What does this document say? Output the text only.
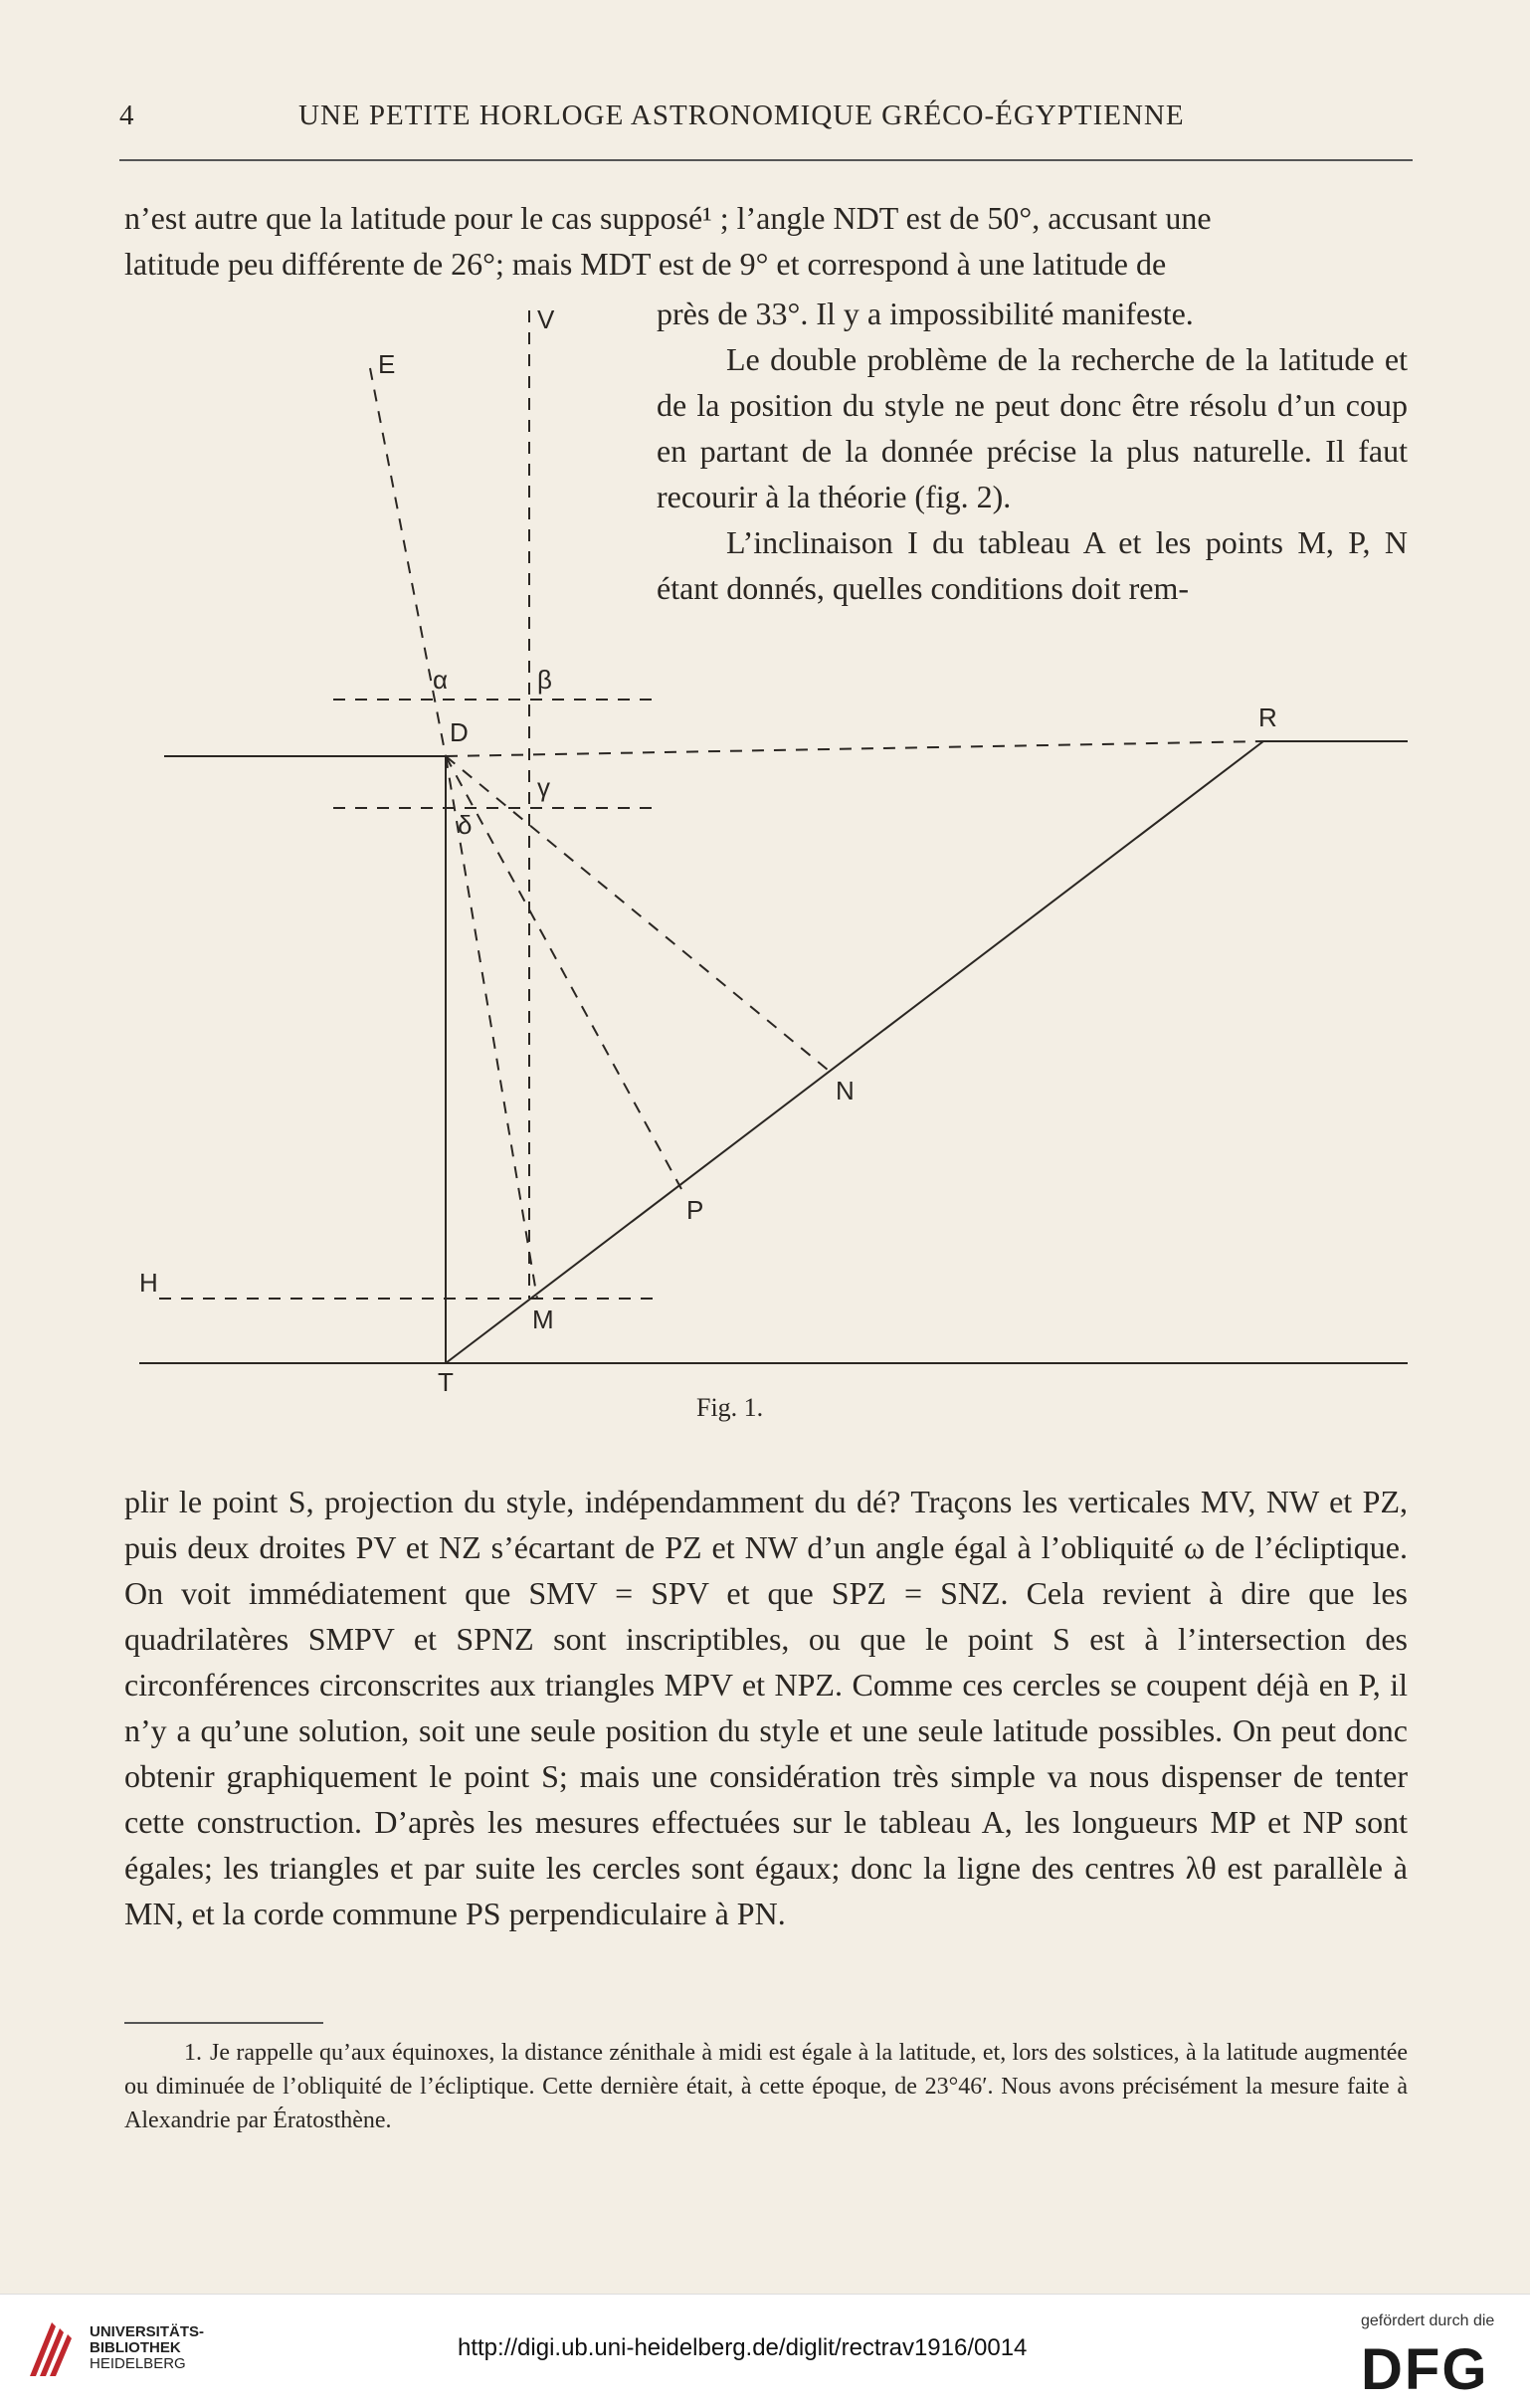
4	UNE PETITE HORLOGE ASTRONOMIQUE GRÉCO-ÉGYPTIENNE

n’est autre que la latitude pour le cas supposé¹ ; l’angle NDT est de 50°, accusant une

latitude peu différente de 26°; mais MDT est de 9° et correspond à une latitude de

près de 33°. Il y a impossibilité manifeste.

Le double problème de la recherche de la latitude et de la position du style ne peut donc être résolu d’un coup en partant de la donnée précise la plus naturelle. Il faut recourir à la théorie (fig. 2).

L’inclinaison I du tableau A et les points M, P, N étant donnés, quelles conditions doit rem-

E
α	β
D	R
γ
δ
V
N
P
H
M
T
Fig. 1.

plir le point S, projection du style, indépendamment du dé? Traçons les verticales MV, NW et PZ, puis deux droites PV et NZ s’écartant de PZ et NW d’un angle égal à l’obliquité ω de l’écliptique. On voit immédiatement que SMV = SPV et que SPZ = SNZ. Cela revient à dire que les quadrilatères SMPV et SPNZ sont inscriptibles, ou que le point S est à l’intersection des circonférences circonscrites aux triangles MPV et NPZ. Comme ces cercles se coupent déjà en P, il n’y a qu’une solution, soit une seule position du style et une seule latitude possibles. On peut donc obtenir graphiquement le point S; mais une considération très simple va nous dispenser de tenter cette construction. D’après les mesures effectuées sur le tableau A, les longueurs MP et NP sont égales; les triangles et par suite les cercles sont égaux; donc la ligne des centres λθ est parallèle à MN, et la corde commune PS perpendiculaire à PN.

1. Je rappelle qu’aux équinoxes, la distance zénithale à midi est égale à la latitude, et, lors des solstices, à la latitude augmentée ou diminuée de l’obliquité de l’écliptique. Cette dernière était, à cette époque, de 23°46′. Nous avons précisément la mesure faite à Alexandrie par Ératosthène.

UNIVERSITÄTS-
BIBLIOTHEK
HEIDELBERG
http://digi.ub.uni-heidelberg.de/diglit/rectrav1916/0014
gefördert durch die
DFG
